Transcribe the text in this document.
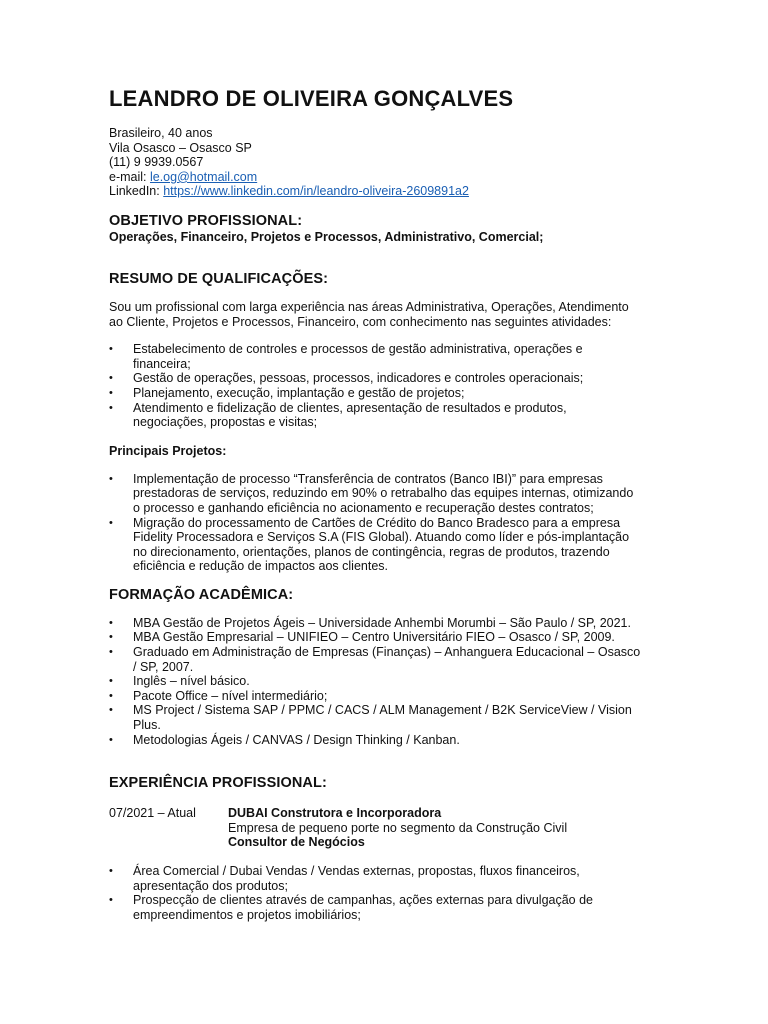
LEANDRO DE OLIVEIRA GONÇALVES
Brasileiro, 40 anos
Vila Osasco – Osasco SP
(11) 9 9939.0567
e-mail: le.og@hotmail.com
LinkedIn: https://www.linkedin.com/in/leandro-oliveira-2609891a2
OBJETIVO PROFISSIONAL:
Operações, Financeiro, Projetos e Processos, Administrativo, Comercial;
RESUMO DE QUALIFICAÇÕES:
Sou um profissional com larga experiência nas áreas Administrativa, Operações, Atendimento
ao Cliente, Projetos e Processos, Financeiro, com conhecimento nas seguintes atividades:
• Estabelecimento de controles e processos de gestão administrativa, operações e
financeira;
• Gestão de operações, pessoas, processos, indicadores e controles operacionais;
• Planejamento, execução, implantação e gestão de projetos;
• Atendimento e fidelização de clientes, apresentação de resultados e produtos,
negociações, propostas e visitas;
Principais Projetos:
• Implementação de processo “Transferência de contratos (Banco IBI)” para empresas
prestadoras de serviços, reduzindo em 90% o retrabalho das equipes internas, otimizando
o processo e ganhando eficiência no acionamento e recuperação destes contratos;
• Migração do processamento de Cartões de Crédito do Banco Bradesco para a empresa
Fidelity Processadora e Serviços S.A (FIS Global). Atuando como líder e pós-implantação
no direcionamento, orientações, planos de contingência, regras de produtos, trazendo
eficiência e redução de impactos aos clientes.
FORMAÇÃO ACADÊMICA:
• MBA Gestão de Projetos Ágeis – Universidade Anhembi Morumbi – São Paulo / SP, 2021.
• MBA Gestão Empresarial – UNIFIEO – Centro Universitário FIEO – Osasco / SP, 2009.
• Graduado em Administração de Empresas (Finanças) – Anhanguera Educacional – Osasco
/ SP, 2007.
• Inglês – nível básico.
• Pacote Office – nível intermediário;
• MS Project / Sistema SAP / PPMC / CACS / ALM Management / B2K ServiceView / Vision
Plus.
• Metodologias Ágeis / CANVAS / Design Thinking / Kanban.
EXPERIÊNCIA PROFISSIONAL:
07/2021 – Atual	DUBAI Construtora e Incorporadora
Empresa de pequeno porte no segmento da Construção Civil
Consultor de Negócios
• Área Comercial / Dubai Vendas / Vendas externas, propostas, fluxos financeiros,
apresentação dos produtos;
• Prospecção de clientes através de campanhas, ações externas para divulgação de
empreendimentos e projetos imobiliários;
